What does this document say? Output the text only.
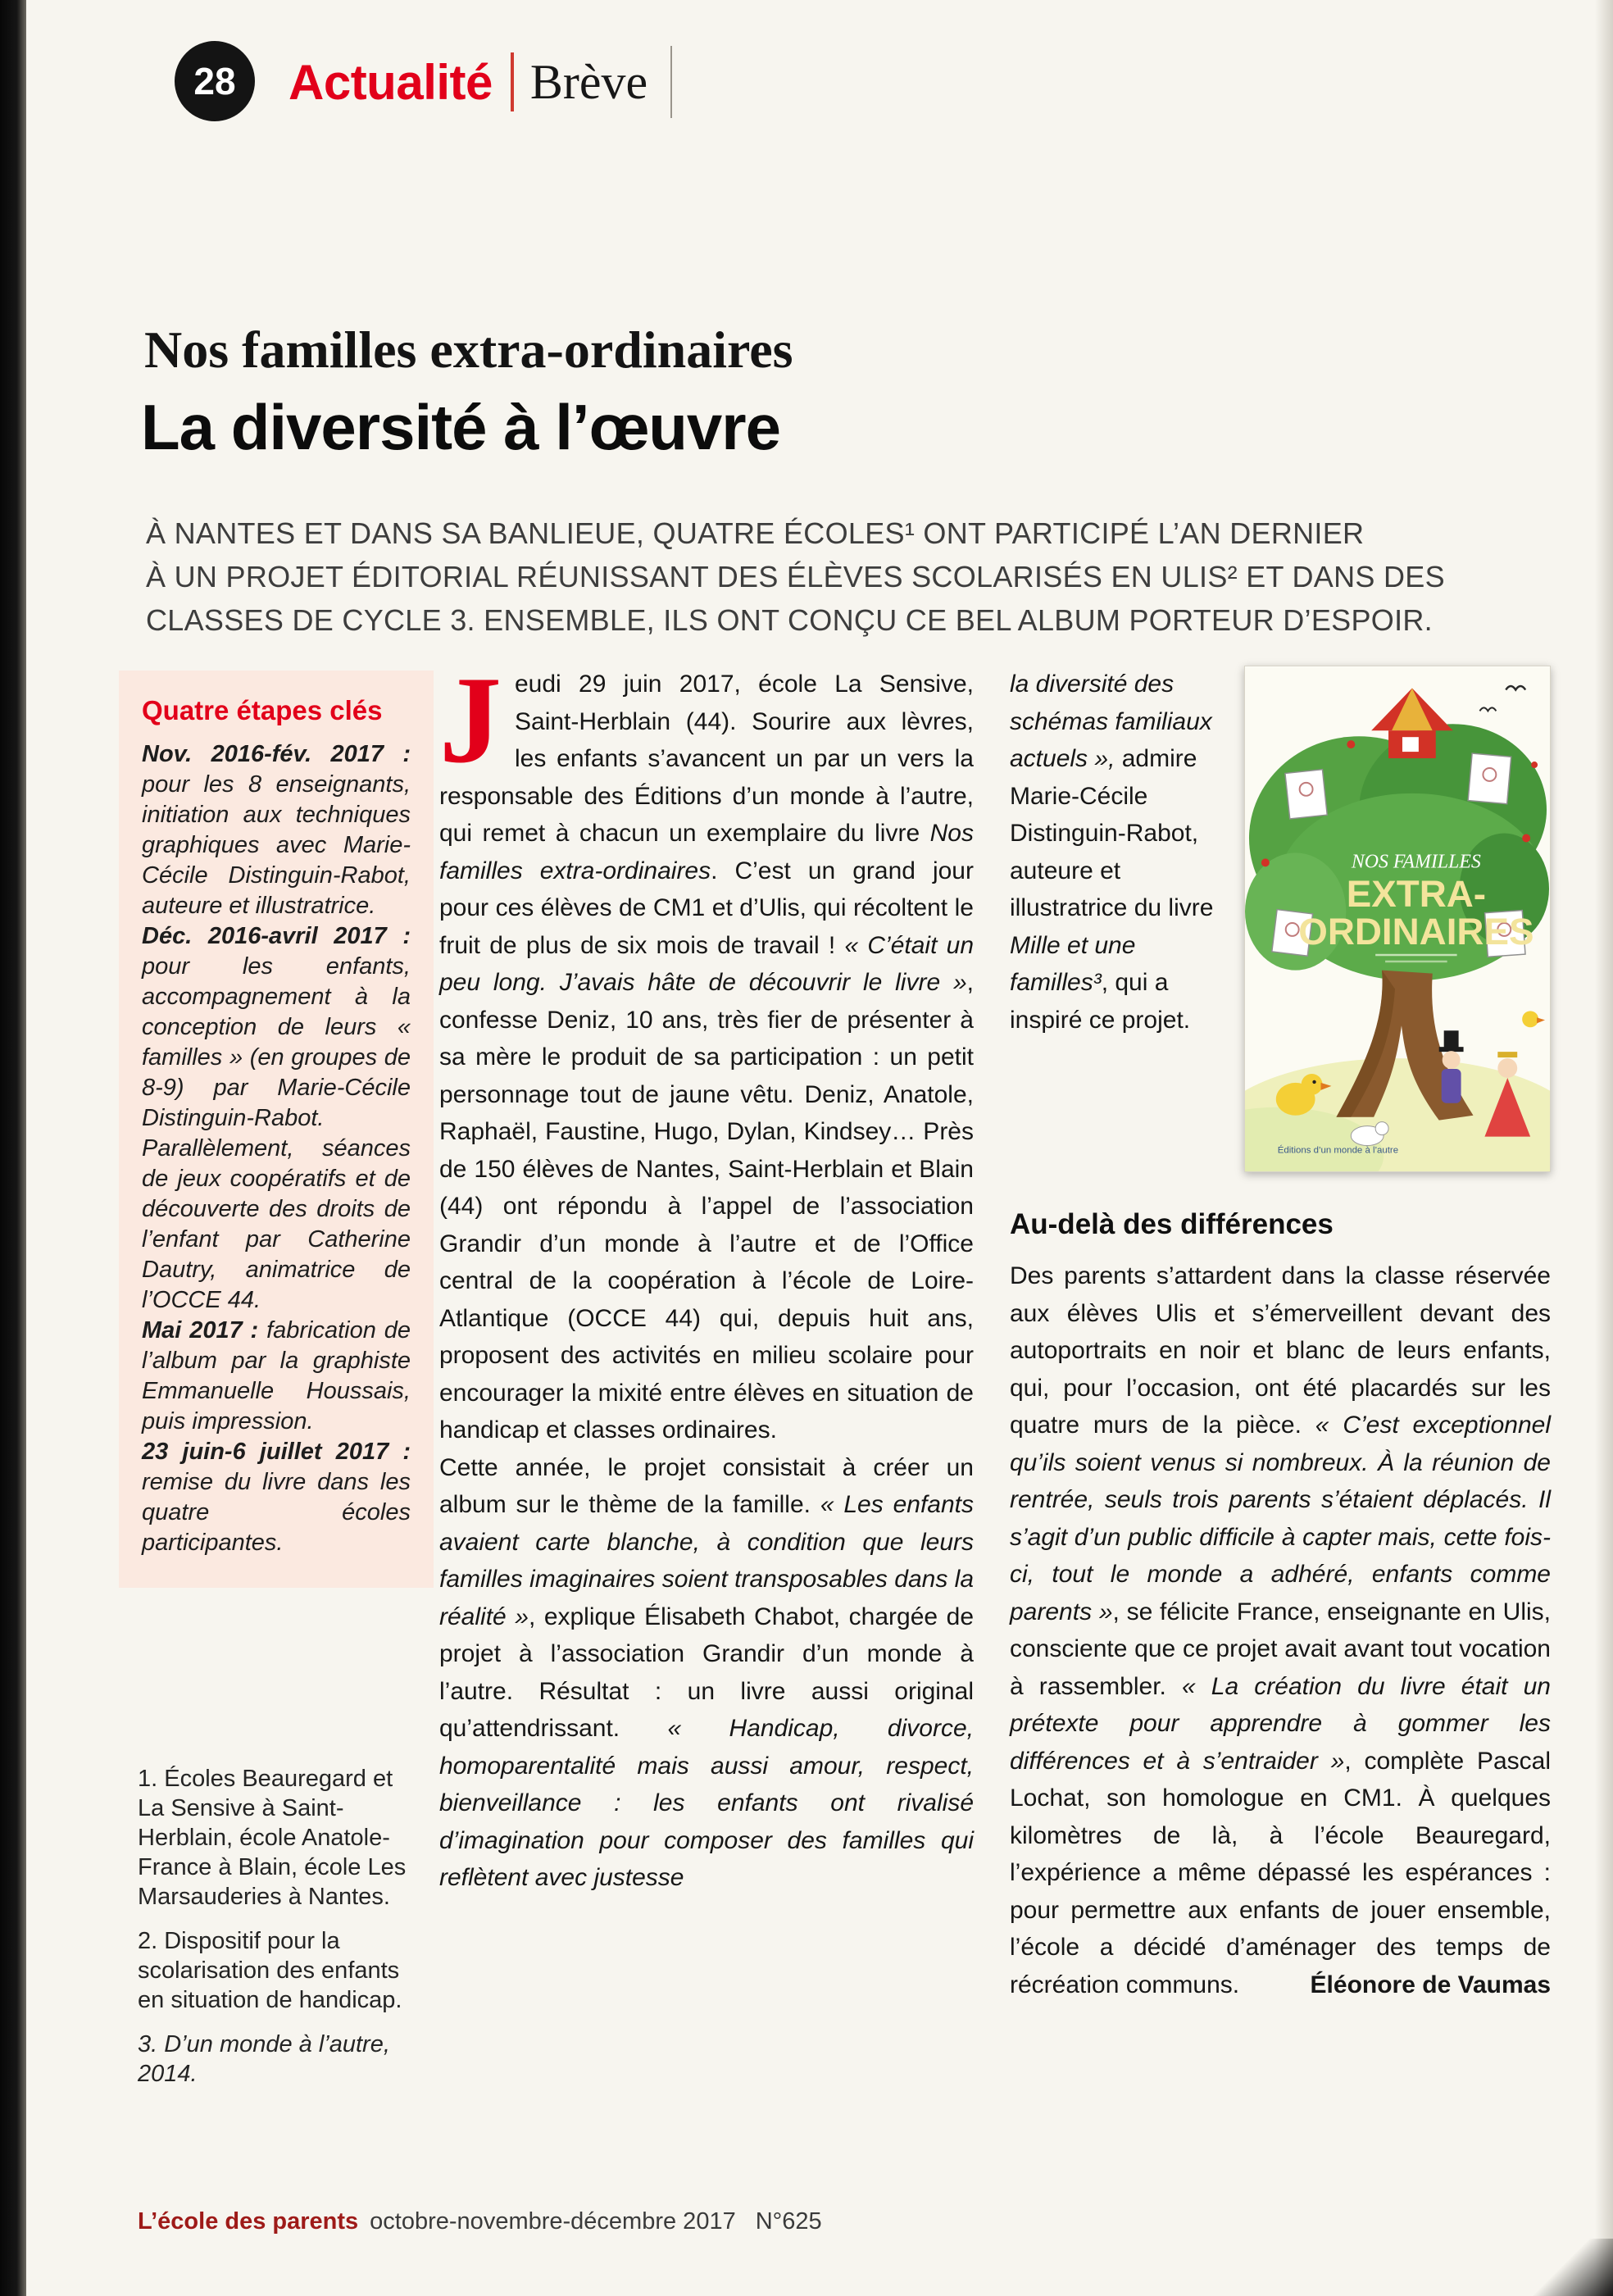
28 Actualité Brève
Nos familles extra-ordinaires
La diversité à l’œuvre
À NANTES ET DANS SA BANLIEUE, QUATRE ÉCOLES¹ ONT PARTICIPÉ L’AN DERNIER
À UN PROJET ÉDITORIAL RÉUNISSANT DES ÉLÈVES SCOLARISÉS EN ULIS² ET DANS DES
CLASSES DE CYCLE 3. ENSEMBLE, ILS ONT CONÇU CE BEL ALBUM PORTEUR D’ESPOIR.
Quatre étapes clés

Nov. 2016-fév. 2017 : pour les 8 enseignants, initiation aux techniques graphiques avec Marie-Cécile Distinguin-Rabot, auteure et illustratrice.

Déc. 2016-avril 2017 : pour les enfants, accompagnement à la conception de leurs « familles » (en groupes de 8-9) par Marie-Cécile Distinguin-Rabot. Parallèlement, séances de jeux coopératifs et de découverte des droits de l’enfant par Catherine Dautry, animatrice de l’OCCE 44.

Mai 2017 : fabrication de l’album par la graphiste Emmanuelle Houssais, puis impression.

23 juin-6 juillet 2017 : remise du livre dans les quatre écoles participantes.

1. Écoles Beauregard et La Sensive à Saint-Herblain, école Anatole-France à Blain, école Les Marsauderies à Nantes.

2. Dispositif pour la scolarisation des enfants en situation de handicap.

3. D’un monde à l’autre, 2014.

Jeudi 29 juin 2017, école La Sensive, Saint-Herblain (44). Sourire aux lèvres, les enfants s’avancent un par un vers la responsable des Éditions d’un monde à l’autre, qui remet à chacun un exemplaire du livre Nos familles extra-ordinaires. C’est un grand jour pour ces élèves de CM1 et d’Ulis, qui récoltent le fruit de plus de six mois de travail ! « C’était un peu long. J’avais hâte de découvrir le livre », confesse Deniz, 10 ans, très fier de présenter à sa mère le produit de sa participation : un petit personnage tout de jaune vêtu. Deniz, Anatole, Raphaël, Faustine, Hugo, Dylan, Kindsey… Près de 150 élèves de Nantes, Saint-Herblain et Blain (44) ont répondu à l’appel de l’association Grandir d’un monde à l’autre et de l’Office central de la coopération à l’école de Loire-Atlantique (OCCE 44) qui, depuis huit ans, proposent des activités en milieu scolaire pour encourager la mixité entre élèves en situation de handicap et classes ordinaires.

Cette année, le projet consistait à créer un album sur le thème de la famille. « Les enfants avaient carte blanche, à condition que leurs familles imaginaires soient transposables dans la réalité », explique Élisabeth Chabot, chargée de projet à l’association Grandir d’un monde à l’autre. Résultat : un livre aussi original qu’attendrissant. « Handicap, divorce, homoparentalité mais aussi amour, respect, bienveillance : les enfants ont rivalisé d’imagination pour composer des familles qui reflètent avec justesse

la diversité des schémas familiaux actuels », admire Marie-Cécile Distinguin-Rabot, auteure et illustratrice du livre Mille et une familles³, qui a inspiré ce projet.

NOS FAMILLES
EXTRA-
ORDINAIRES
Éditions d’un monde à l’autre
Au-delà des différences

Des parents s’attardent dans la classe réservée aux élèves Ulis et s’émerveillent devant des autoportraits en noir et blanc de leurs enfants, qui, pour l’occasion, ont été placardés sur les quatre murs de la pièce. « C’est exceptionnel qu’ils soient venus si nombreux. À la réunion de rentrée, seuls trois parents s’étaient déplacés. Il s’agit d’un public difficile à capter mais, cette fois-ci, tout le monde a adhéré, enfants comme parents », se félicite France, enseignante en Ulis, consciente que ce projet avait avant tout vocation à rassembler. « La création du livre était un prétexte pour apprendre à gommer les différences et à s’entraider », complète Pascal Lochat, son homologue en CM1. À quelques kilomètres de là, à l’école Beauregard, l’expérience a même dépassé les espérances : pour permettre aux enfants de jouer ensemble, l’école a décidé d’aménager des temps de récréation communs.	Éléonore de Vaumas

L’école des parents octobre-novembre-décembre 2017 N°625
